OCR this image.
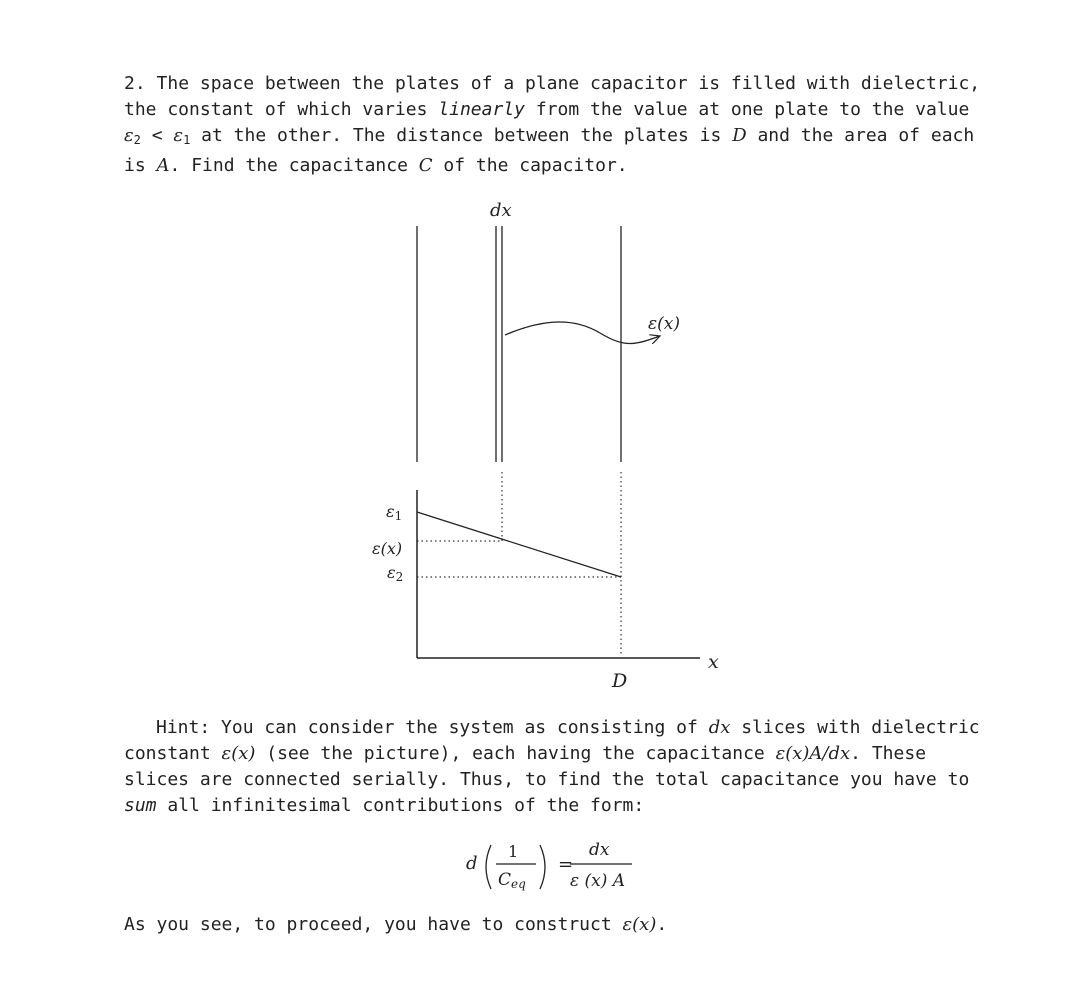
2. The space between the plates of a plane capacitor is filled with dielectric,
the constant of which varies linearly from the value at one plate to the value
$\varepsilon_2 < \varepsilon_1$ at the other. The distance between the plates is D and the area of each
is A. Find the capacitance C of the capacitor.
dx
ε(x)
ε1
ε(x)
ε2
D
x
Hint: You can consider the system as consisting of dx slices with dielectric
constant ε(x) (see the picture), each having the capacitance ε(x)A/dx. These
slices are connected serially. Thus, to find the total capacitance you have to
sum all infinitesimal contributions of the form:
d
1
Ceq
=
dx
ε (x) A
As you see, to proceed, you have to construct ε(x).
